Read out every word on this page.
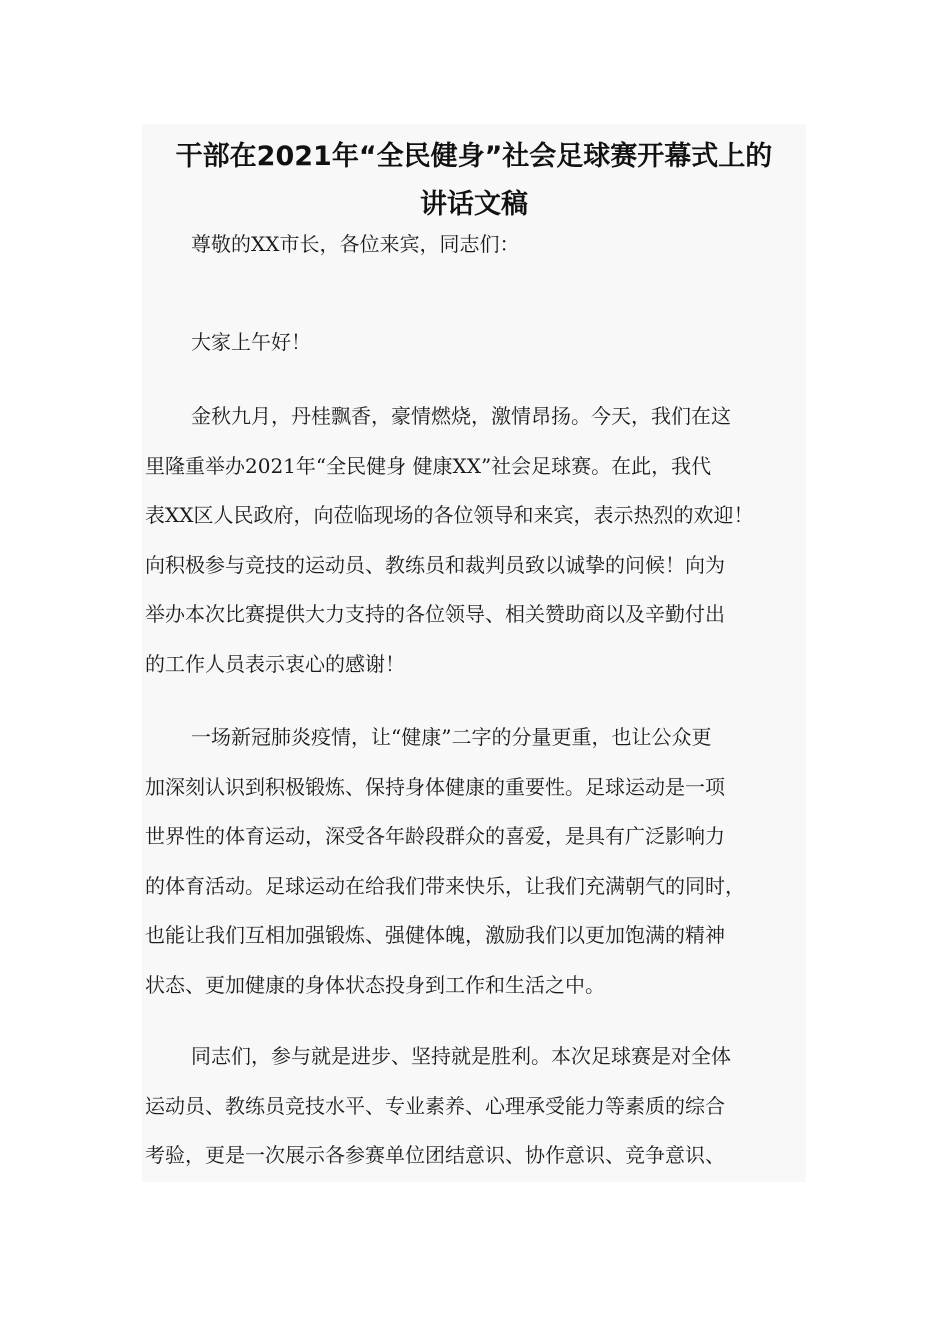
干部在2021年“全民健身”社会足球赛开幕式上的
讲话文稿
尊敬的XX市长，各位来宾，同志们：
大家上午好！
金秋九月，丹桂飘香，豪情燃烧，激情昂扬。今天，我们在这
里隆重举办2021年“全民健身 健康XX”社会足球赛。在此，我代
表XX区人民政府，向莅临现场的各位领导和来宾，表示热烈的欢迎！
向积极参与竞技的运动员、教练员和裁判员致以诚挚的问候！向为
举办本次比赛提供大力支持的各位领导、相关赞助商以及辛勤付出
的工作人员表示衷心的感谢！
一场新冠肺炎疫情，让“健康”二字的分量更重，也让公众更
加深刻认识到积极锻炼、保持身体健康的重要性。足球运动是一项
世界性的体育运动，深受各年龄段群众的喜爱，是具有广泛影响力
的体育活动。足球运动在给我们带来快乐，让我们充满朝气的同时，
也能让我们互相加强锻炼、强健体魄，激励我们以更加饱满的精神
状态、更加健康的身体状态投身到工作和生活之中。
同志们，参与就是进步、坚持就是胜利。本次足球赛是对全体
运动员、教练员竞技水平、专业素养、心理承受能力等素质的综合
考验，更是一次展示各参赛单位团结意识、协作意识、竞争意识、
